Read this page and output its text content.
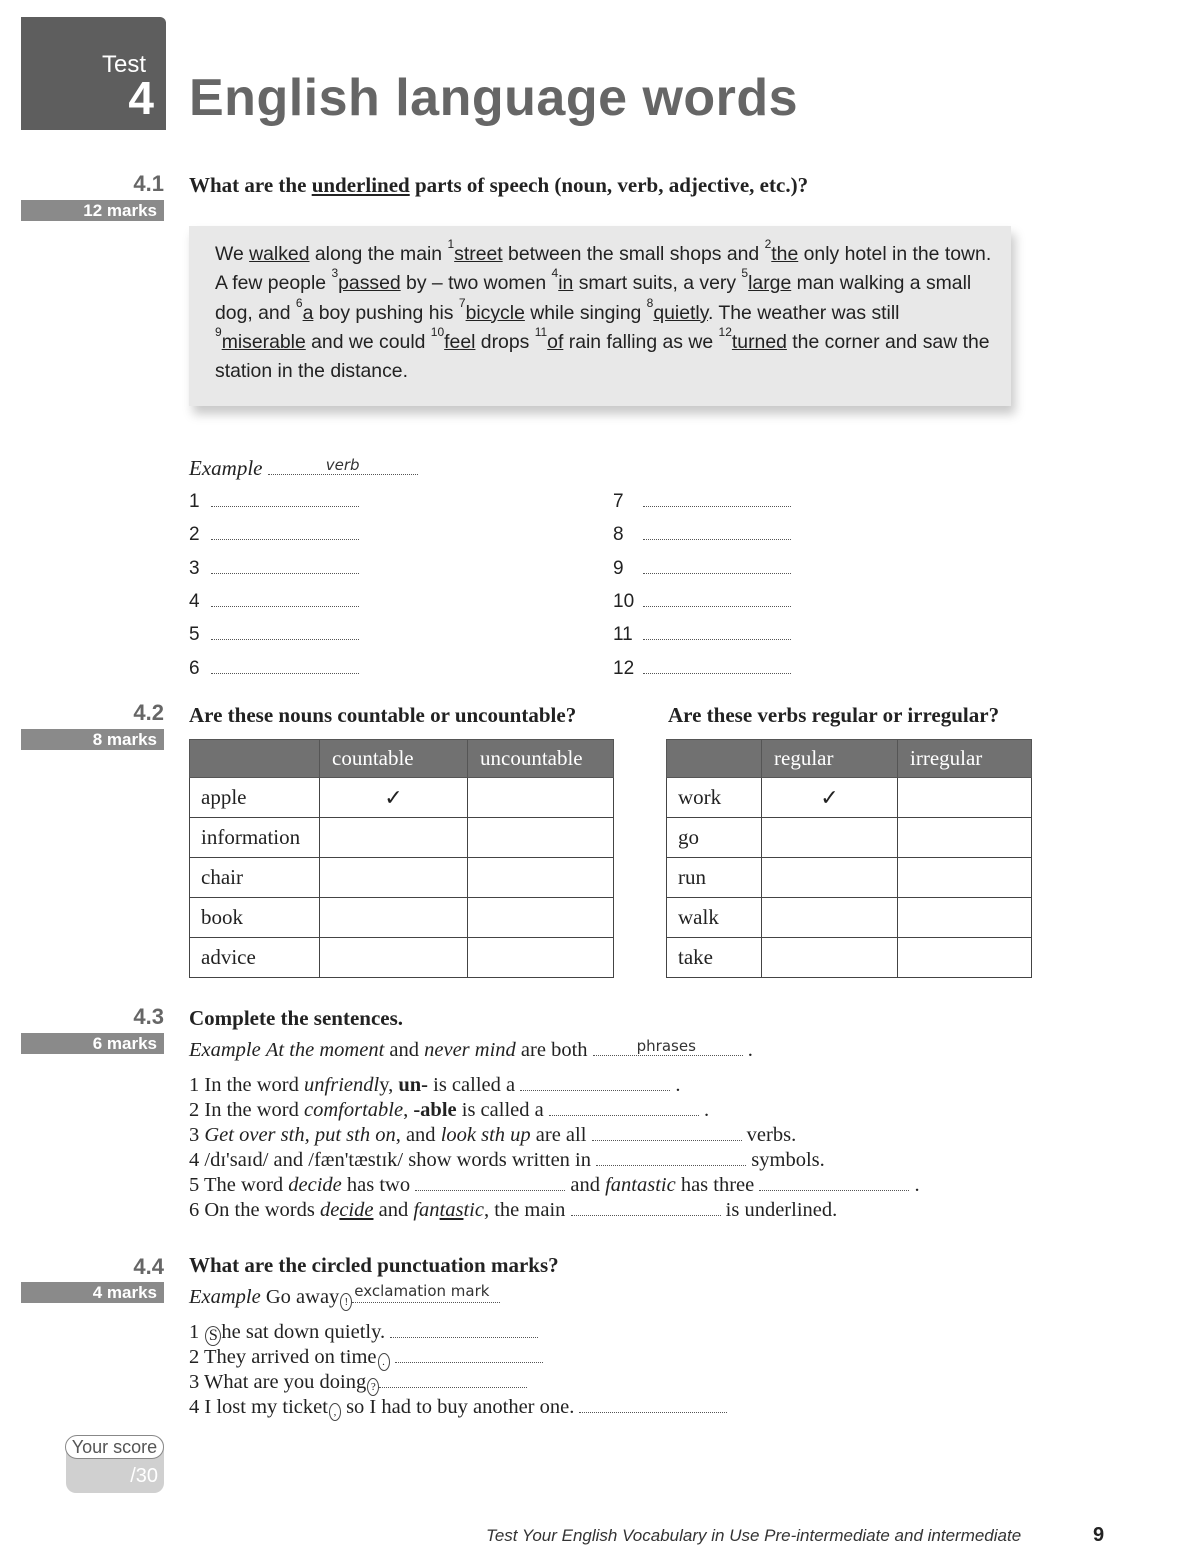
Test
4 English language words
4.1
12 marks
What are the underlined parts of speech (noun, verb, adjective, etc.)?
We walked along the main $^1$street between the small shops and $^2$the only hotel in the town. A few people $^3$passed by – two women $^4$in smart suits, a very $^5$large man walking a small dog, and $^6$a boy pushing his $^7$bicycle while singing $^8$quietly. The weather was still $^9$miserable and we could $^{10}$feel drops $^{11}$of rain falling as we $^{12}$turned the corner and saw the station in the distance.
Example	verb
1
2
3
4
5
6
7
8
9
10
11
12
4.2
8 marks
Are these nouns countable or uncountable?	Are these verbs regular or irregular?
	countable	uncountable
apple	✓	
information		
chair		
book		
advice		
	regular	irregular
work	✓	
go		
run		
walk		
take		
4.3
6 marks
Complete the sentences.
Example At the moment and never mind are both	phrases .
1 In the word unfriendly, un- is called a	.
2 In the word comfortable, -able is called a	.
3 Get over sth, put sth on, and look sth up are all	verbs.
4 /dɪ'saɪd/ and /fæn'tæstɪk/ show words written in	symbols.
5 The word decide has two	and fantastic has three	.
6 On the words decide and fantastic, the main	is underlined.
4.4
4 marks
What are the circled punctuation marks?
Example Go away !
exclamation mark
1 S he sat down quietly.
2 They arrived on time .
3 What are you doing ?
4 I lost my ticket , so I had to buy another one.
Your score
/30
Test Your English Vocabulary in Use Pre-intermediate and intermediate	9
